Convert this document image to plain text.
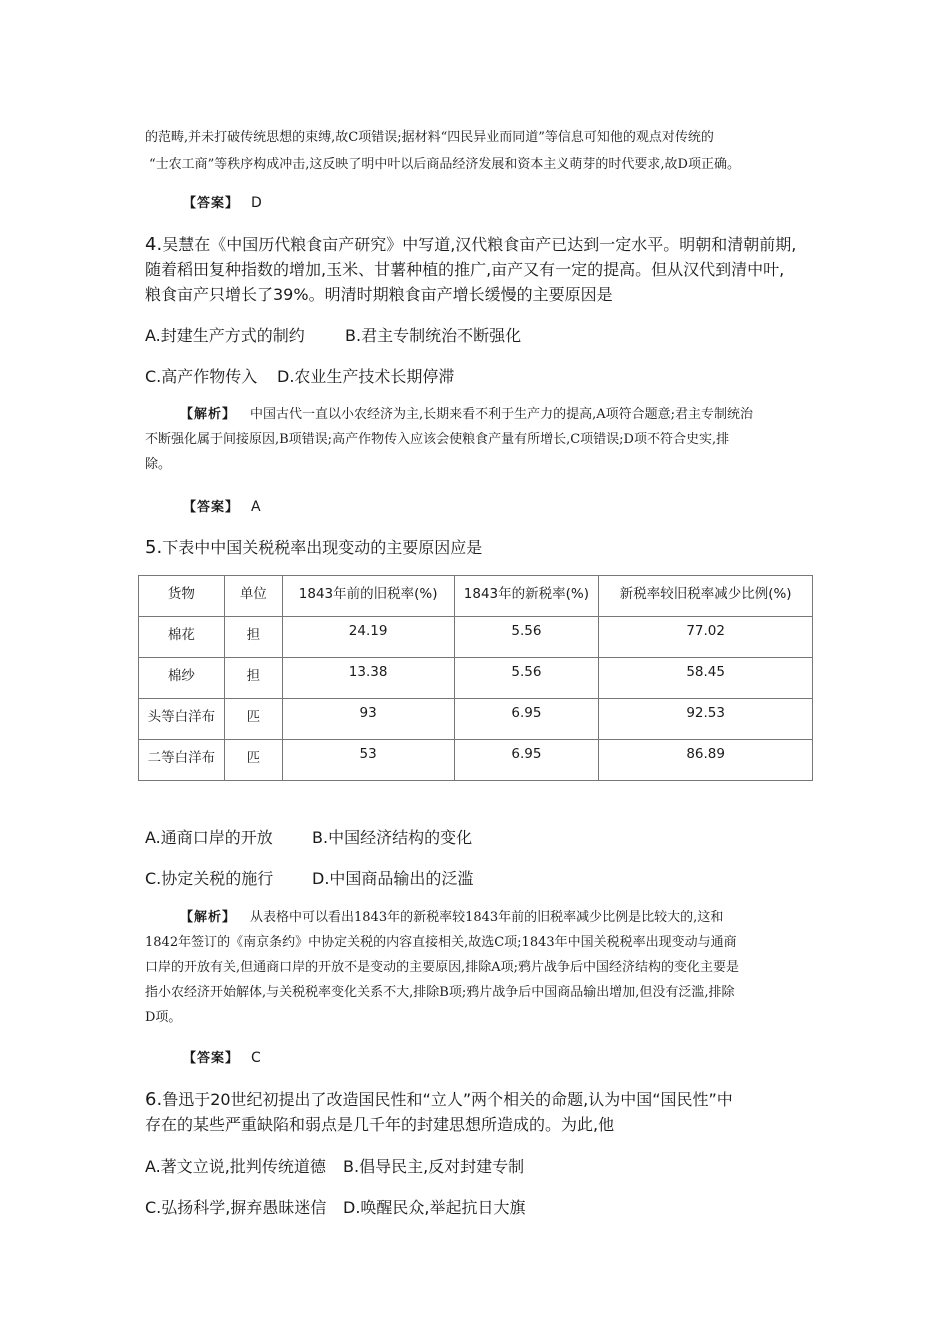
的范畴,并未打破传统思想的束缚,故C项错误;据材料“四民异业而同道”等信息可知他的观点对传统的
“士农工商”等秩序构成冲击,这反映了明中叶以后商品经济发展和资本主义萌芽的时代要求,故D项正确。
【答案】 D
4.吴慧在《中国历代粮食亩产研究》中写道,汉代粮食亩产已达到一定水平。明朝和清朝前期,
随着稻田复种指数的增加,玉米、甘薯种植的推广,亩产又有一定的提高。但从汉代到清中叶,
粮食亩产只增长了39%。明清时期粮食亩产增长缓慢的主要原因是
A.封建生产方式的制约	B.君主专制统治不断强化
C.高产作物传入 D.农业生产技术长期停滞
【解析】 中国古代一直以小农经济为主,长期来看不利于生产力的提高,A项符合题意;君主专制统治
不断强化属于间接原因,B项错误;高产作物传入应该会使粮食产量有所增长,C项错误;D项不符合史实,排
除。
【答案】 A
5.下表中中国关税税率出现变动的主要原因应是
货物	单位	1843年前的旧税率(%)	1843年的新税率(%)	新税率较旧税率减少比例(%)
棉花	担	24.19	5.56	77.02
棉纱	担	13.38	5.56	58.45
头等白洋布	匹	93	6.95	92.53
二等白洋布	匹	53	6.95	86.89
A.通商口岸的开放 B.中国经济结构的变化
C.协定关税的施行 D.中国商品输出的泛滥
【解析】 从表格中可以看出1843年的新税率较1843年前的旧税率减少比例是比较大的,这和
1842年签订的《南京条约》中协定关税的内容直接相关,故选C项;1843年中国关税税率出现变动与通商
口岸的开放有关,但通商口岸的开放不是变动的主要原因,排除A项;鸦片战争后中国经济结构的变化主要是
指小农经济开始解体,与关税税率变化关系不大,排除B项;鸦片战争后中国商品输出增加,但没有泛滥,排除
D项。
【答案】 C
6.鲁迅于20世纪初提出了改造国民性和“立人”两个相关的命题,认为中国“国民性”中
存在的某些严重缺陷和弱点是几千年的封建思想所造成的。为此,他
A.著文立说,批判传统道德 B.倡导民主,反对封建专制
C.弘扬科学,摒弃愚昧迷信 D.唤醒民众,举起抗日大旗
